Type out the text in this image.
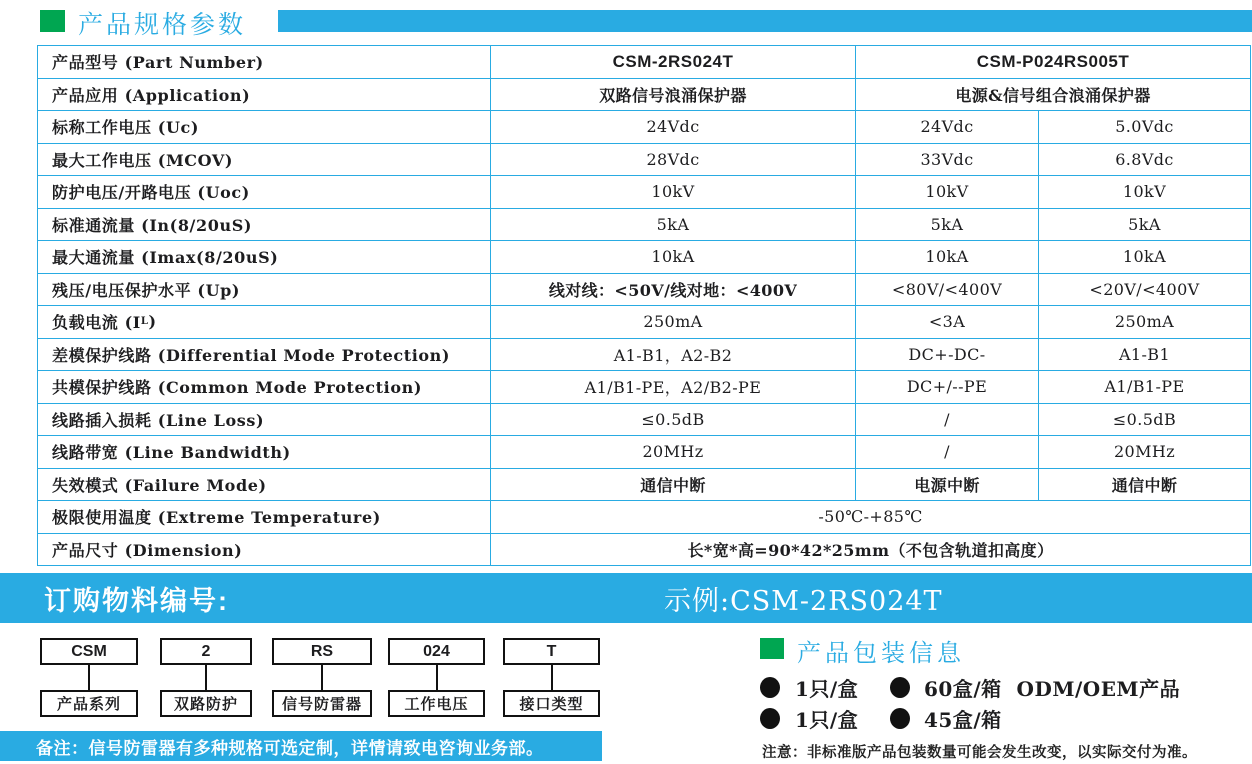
产品规格参数
产品型号 (Part Number)	CSM-2RS024T	CSM-P024RS005T
产品应用 (Application)	双路信号浪涌保护器	电源&信号组合浪涌保护器
标称工作电压 (Uc)	24Vdc	24Vdc	5.0Vdc
最大工作电压 (MCOV)	28Vdc	33Vdc	6.8Vdc
防护电压/开路电压 (Uoc)	10kV	10kV	10kV
标准通流量 (In(8/20uS)	5kA	5kA	5kA
最大通流量 (Imax(8/20uS)	10kA	10kA	10kA
残压/电压保护水平 (Up)	线对线：<50V/线对地：<400V	<80V/<400V	<20V/<400V
负载电流 (I L )	250mA	<3A	250mA
差模保护线路 (Differential Mode Protection)	A1-B1，A2-B2	DC+-DC-	A1-B1
共模保护线路 (Common Mode Protection)	A1/B1-PE，A2/B2-PE	DC+/--PE	A1/B1-PE
线路插入损耗 (Line Loss)	≤0.5dB	/	≤0.5dB
线路带宽 (Line Bandwidth)	20MHz	/	20MHz
失效模式 (Failure Mode)	通信中断	电源中断	通信中断
极限使用温度 (Extreme Temperature)	-50℃-+85℃
产品尺寸 (Dimension)	长*宽*高=90*42*25mm（不包含轨道扣高度）
订购物料编号:	示例:CSM-2RS024T
CSM
产品系列
2
双路防护
RS
信号防雷器
024
工作电压
T
接口类型
产品包装信息
1只/盒	60盒/箱  ODM/OEM产品
1只/盒	45盒/箱
注意：非标准版产品包装数量可能会发生改变，以实际交付为准。
备注：信号防雷器有多种规格可选定制，详情请致电咨询业务部。
